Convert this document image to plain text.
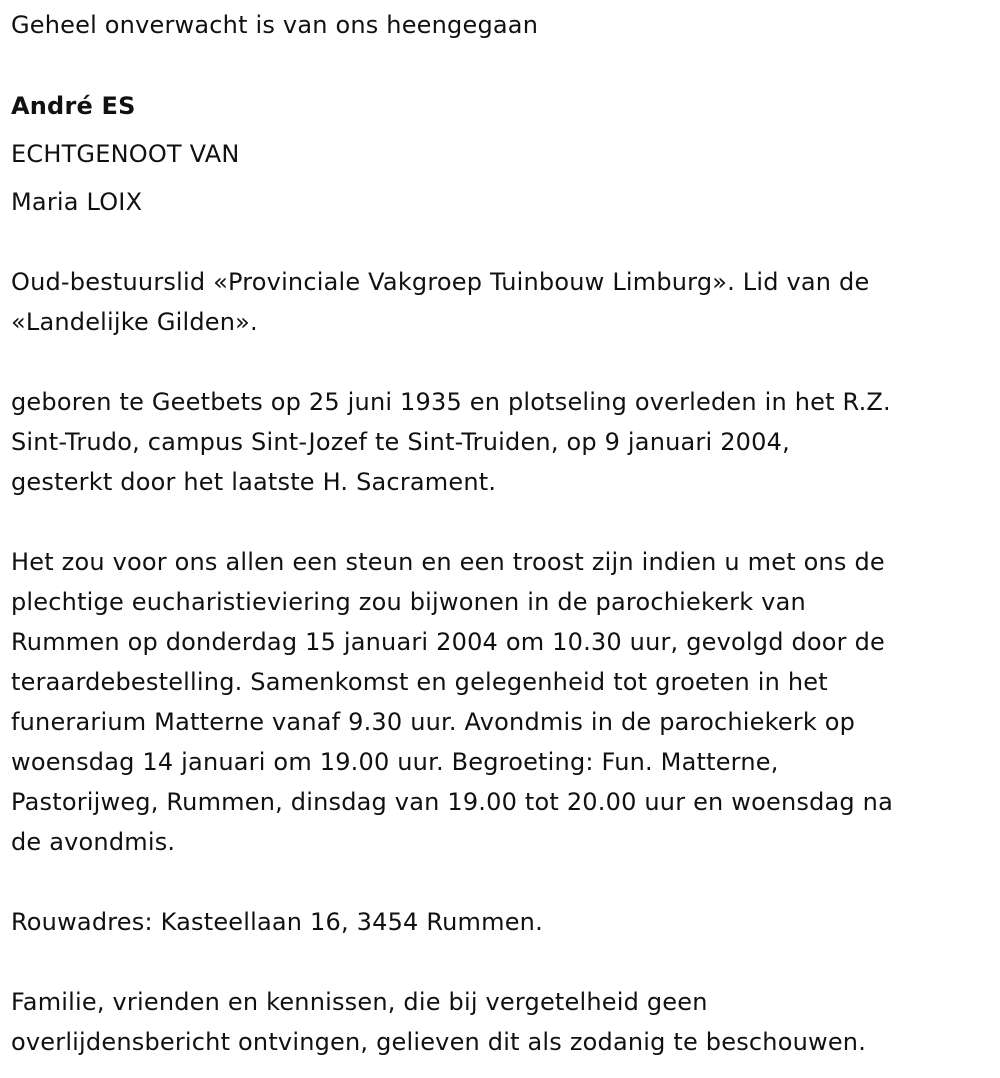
Geheel onverwacht is van ons heengegaan
André ES
ECHTGENOOT VAN
Maria LOIX
Oud-bestuurslid «Provinciale Vakgroep Tuinbouw Limburg». Lid van de
«Landelijke Gilden».
geboren te Geetbets op 25 juni 1935 en plotseling overleden in het R.Z.
Sint-Trudo, campus Sint-Jozef te Sint-Truiden, op 9 januari 2004,
gesterkt door het laatste H. Sacrament.
Het zou voor ons allen een steun en een troost zijn indien u met ons de
plechtige eucharistieviering zou bijwonen in de parochiekerk van
Rummen op donderdag 15 januari 2004 om 10.30 uur, gevolgd door de
teraardebestelling. Samenkomst en gelegenheid tot groeten in het
funerarium Matterne vanaf 9.30 uur. Avondmis in de parochiekerk op
woensdag 14 januari om 19.00 uur. Begroeting: Fun. Matterne,
Pastorijweg, Rummen, dinsdag van 19.00 tot 20.00 uur en woensdag na
de avondmis.
Rouwadres: Kasteellaan 16, 3454 Rummen.
Familie, vrienden en kennissen, die bij vergetelheid geen
overlijdensbericht ontvingen, gelieven dit als zodanig te beschouwen.
